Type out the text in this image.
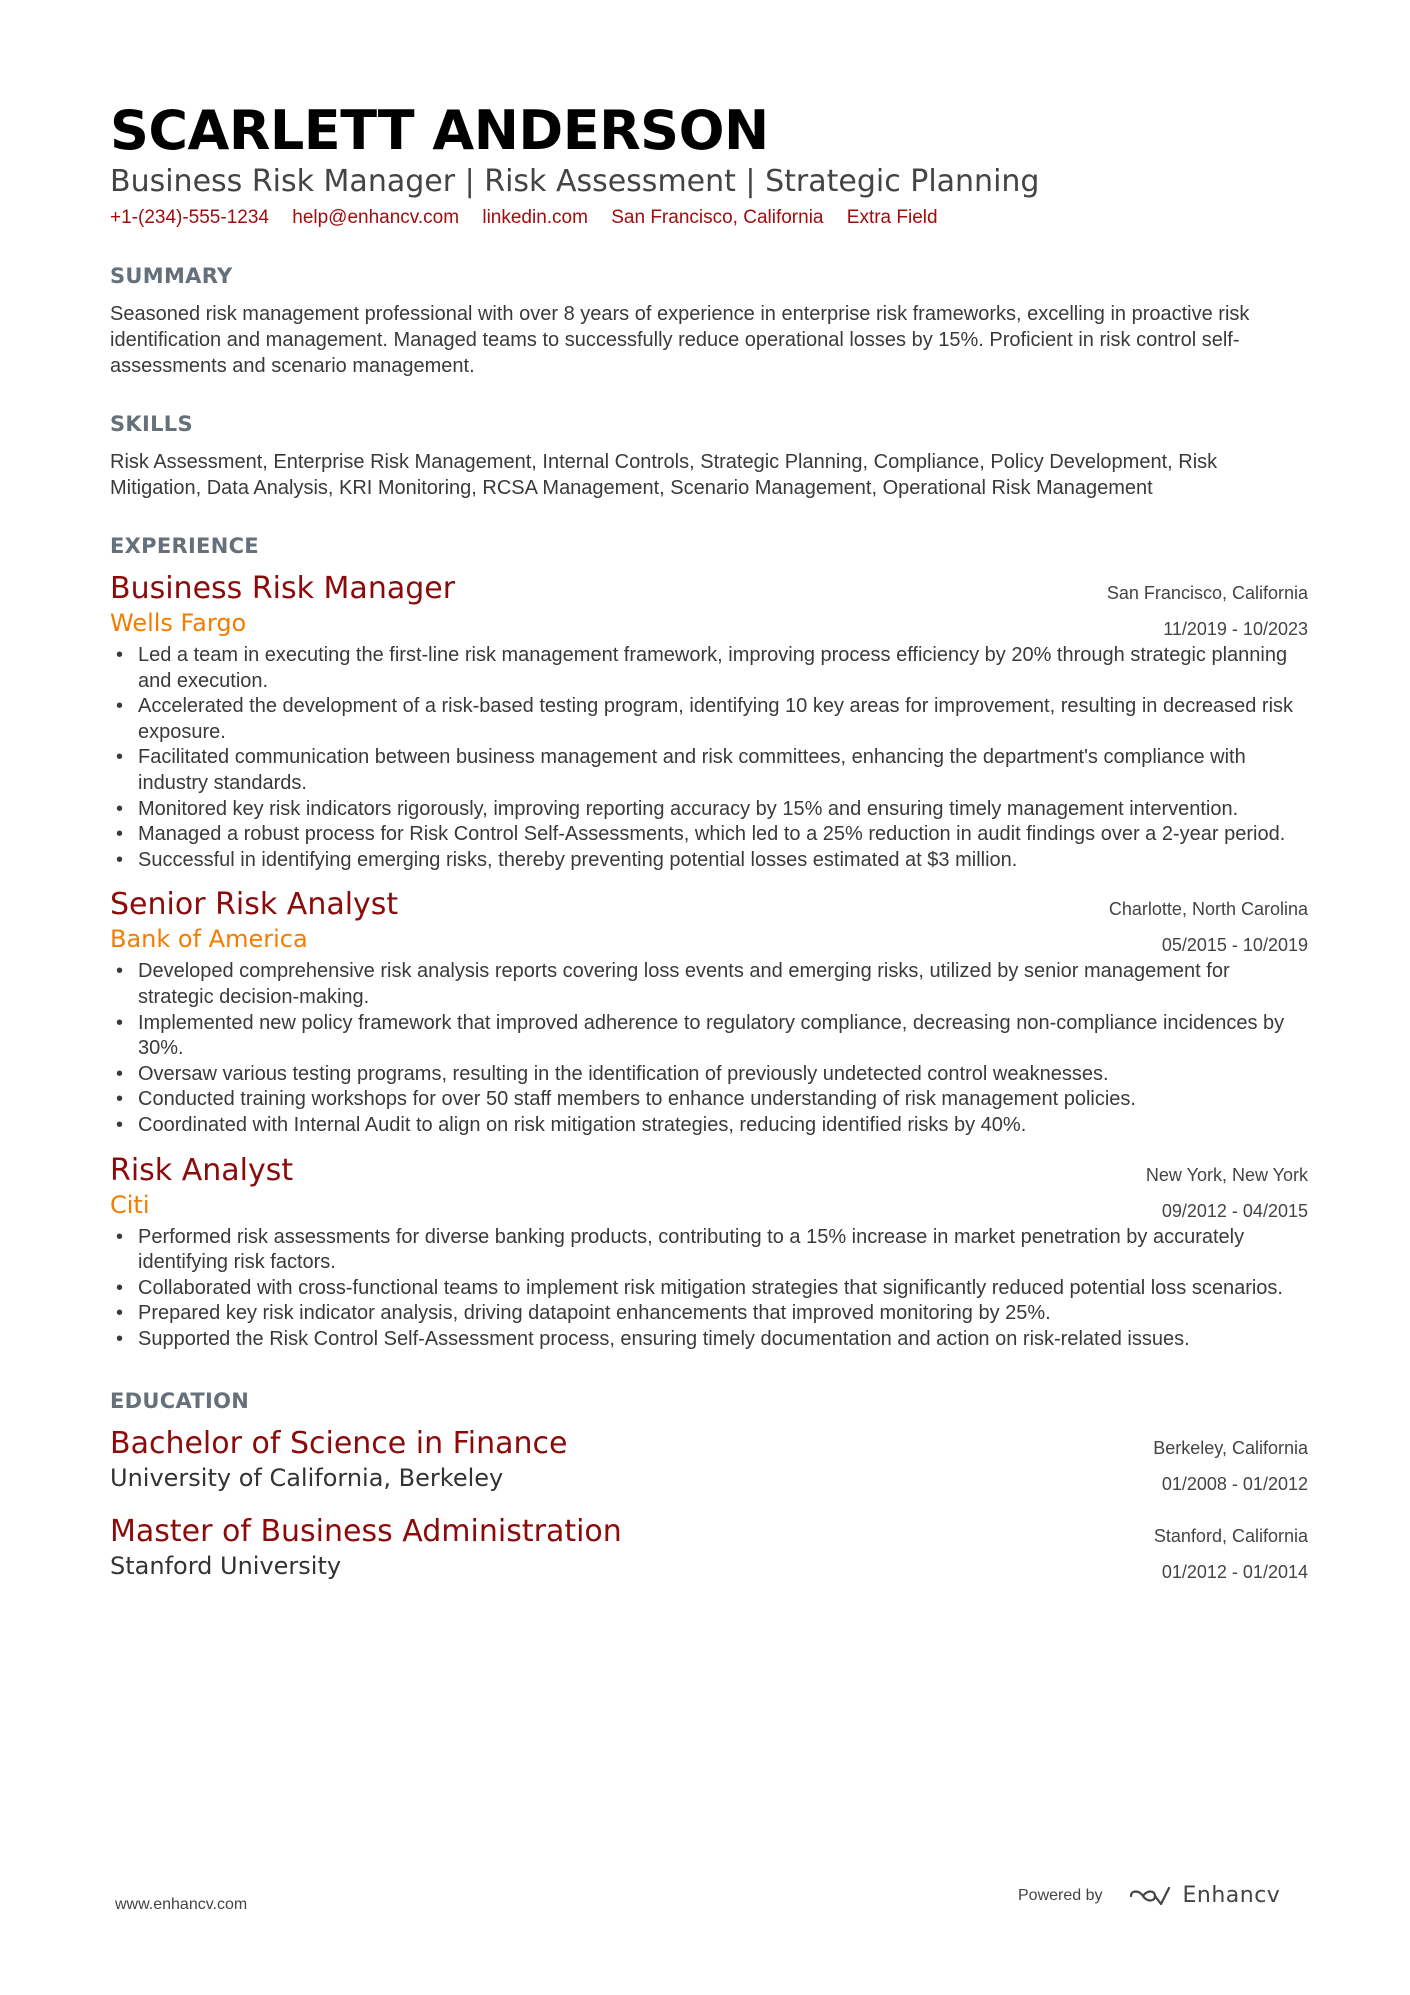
SCARLETT ANDERSON
Business Risk Manager | Risk Assessment | Strategic Planning
+1-(234)-555-1234 help@enhancv.com linkedin.com San Francisco, California Extra Field
SUMMARY
Seasoned risk management professional with over 8 years of experience in enterprise risk frameworks, excelling in proactive risk identification and management. Managed teams to successfully reduce operational losses by 15%. Proficient in risk control self-assessments and scenario management.
SKILLS
Risk Assessment, Enterprise Risk Management, Internal Controls, Strategic Planning, Compliance, Policy Development, Risk Mitigation, Data Analysis, KRI Monitoring, RCSA Management, Scenario Management, Operational Risk Management
EXPERIENCE
Business Risk Manager
Wells Fargo
San Francisco, California
11/2019 - 10/2023
• Led a team in executing the first-line risk management framework, improving process efficiency by 20% through strategic planning and execution.
• Accelerated the development of a risk-based testing program, identifying 10 key areas for improvement, resulting in decreased risk exposure.
• Facilitated communication between business management and risk committees, enhancing the department's compliance with industry standards.
• Monitored key risk indicators rigorously, improving reporting accuracy by 15% and ensuring timely management intervention.
• Managed a robust process for Risk Control Self-Assessments, which led to a 25% reduction in audit findings over a 2-year period.
• Successful in identifying emerging risks, thereby preventing potential losses estimated at $3 million.
Senior Risk Analyst
Bank of America
Charlotte, North Carolina
05/2015 - 10/2019
• Developed comprehensive risk analysis reports covering loss events and emerging risks, utilized by senior management for strategic decision-making.
• Implemented new policy framework that improved adherence to regulatory compliance, decreasing non-compliance incidences by 30%.
• Oversaw various testing programs, resulting in the identification of previously undetected control weaknesses.
• Conducted training workshops for over 50 staff members to enhance understanding of risk management policies.
• Coordinated with Internal Audit to align on risk mitigation strategies, reducing identified risks by 40%.
Risk Analyst
Citi
New York, New York
09/2012 - 04/2015
• Performed risk assessments for diverse banking products, contributing to a 15% increase in market penetration by accurately identifying risk factors.
• Collaborated with cross-functional teams to implement risk mitigation strategies that significantly reduced potential loss scenarios.
• Prepared key risk indicator analysis, driving datapoint enhancements that improved monitoring by 25%.
• Supported the Risk Control Self-Assessment process, ensuring timely documentation and action on risk-related issues.
EDUCATION
Bachelor of Science in Finance
University of California, Berkeley
Berkeley, California
01/2008 - 01/2012
Master of Business Administration
Stanford University
Stanford, California
01/2012 - 01/2014
www.enhancv.com
Powered by	Enhancv
